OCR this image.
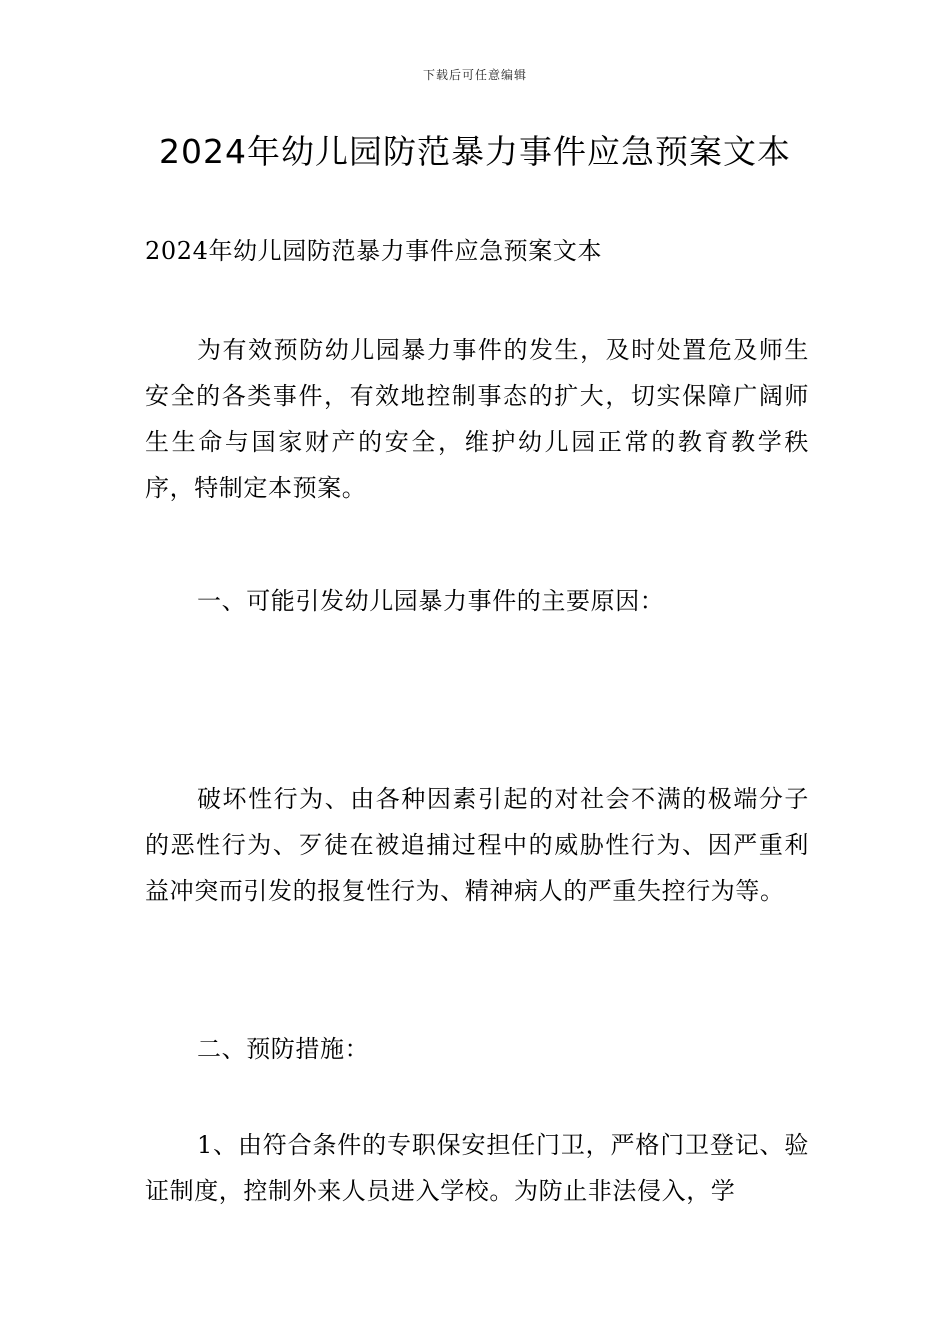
下载后可任意编辑
2024年幼儿园防范暴力事件应急预案文本

2024年幼儿园防范暴力事件应急预案文本

为有效预防幼儿园暴力事件的发生，及时处置危及师生安全的各类事件，有效地控制事态的扩大，切实保障广阔师生生命与国家财产的安全，维护幼儿园正常的教育教学秩序，特制定本预案。

一、可能引发幼儿园暴力事件的主要原因：

破坏性行为、由各种因素引起的对社会不满的极端分子的恶性行为、歹徒在被追捕过程中的威胁性行为、因严重利益冲突而引发的报复性行为、精神病人的严重失控行为等。

二、预防措施：

1、由符合条件的专职保安担任门卫，严格门卫登记、验证制度，控制外来人员进入学校。为防止非法侵入，学
